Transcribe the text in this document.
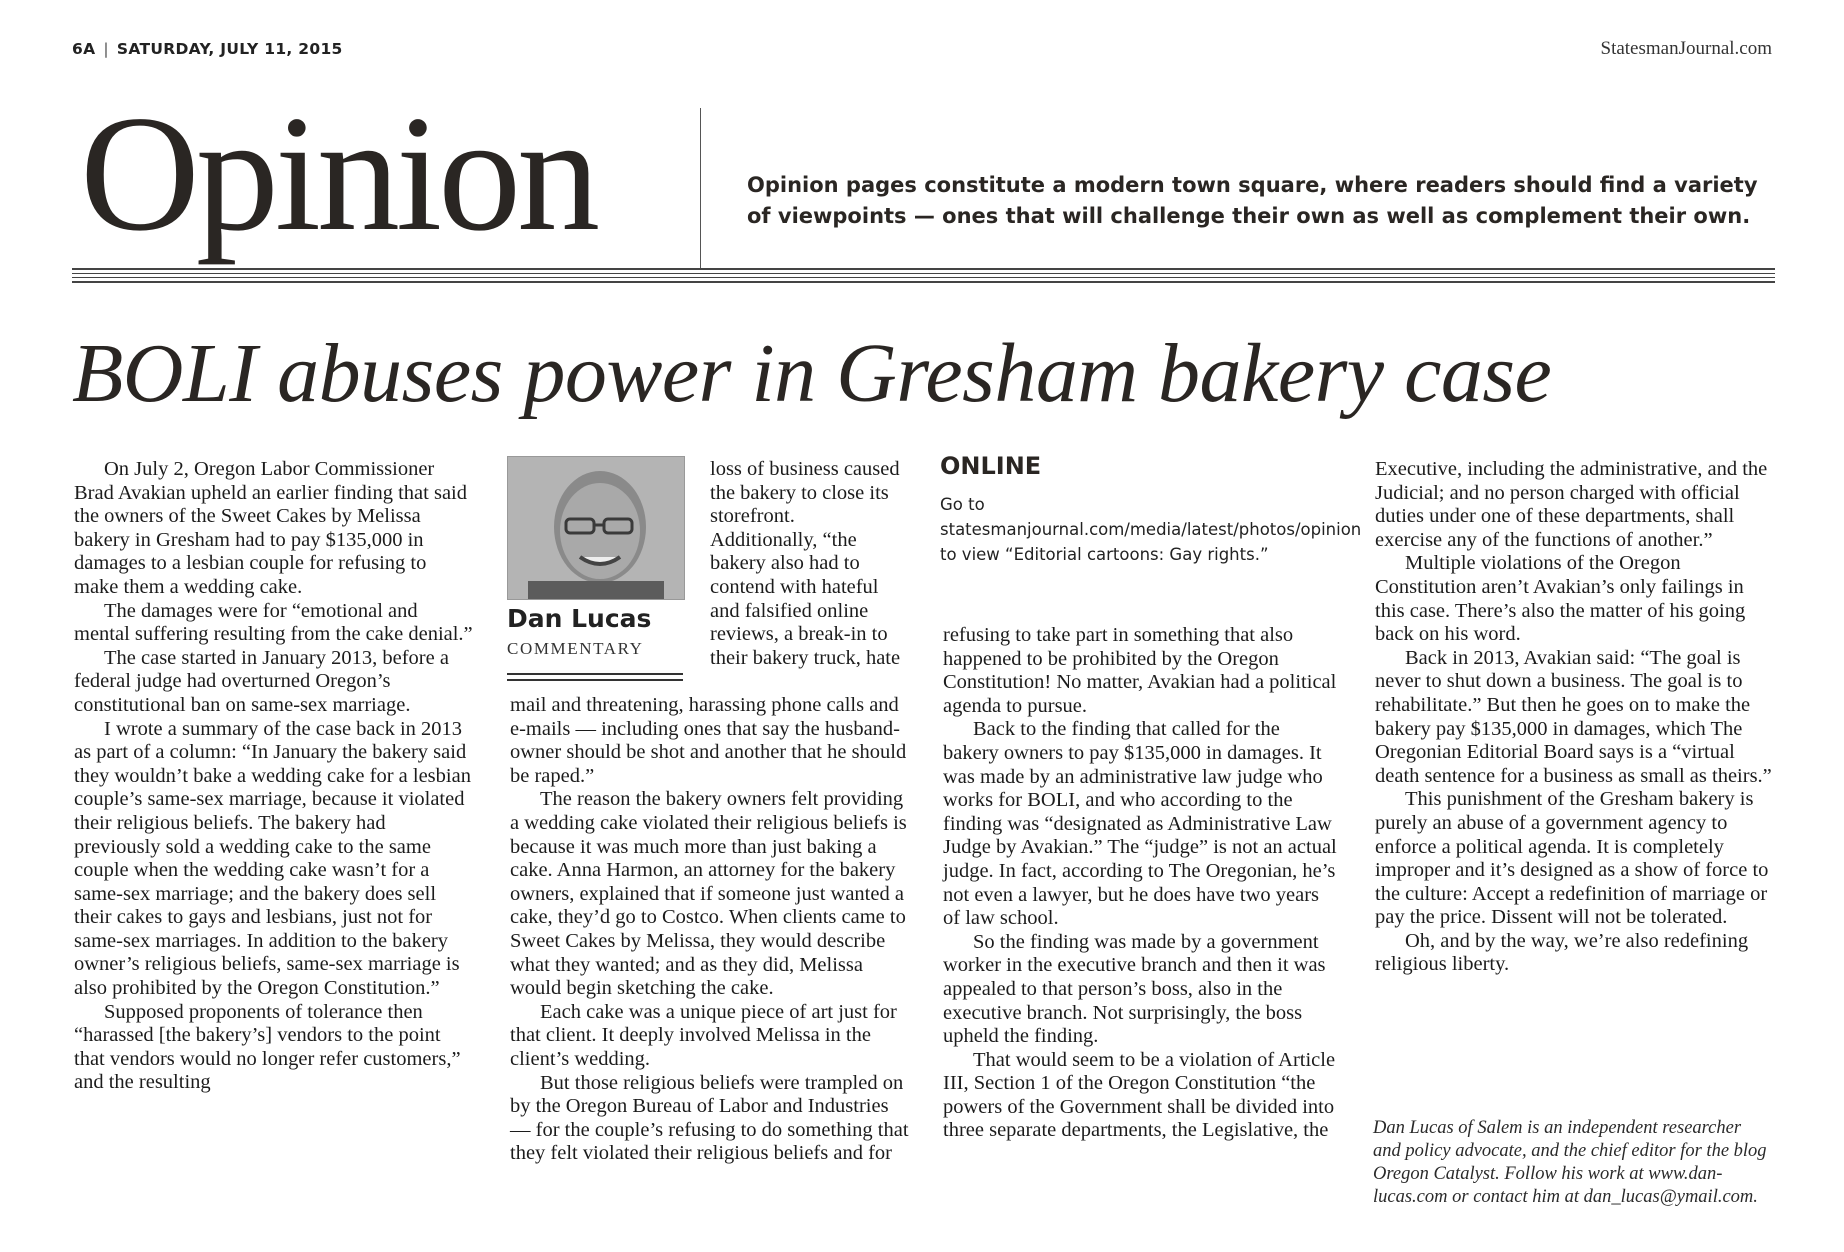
6A | SATURDAY, JULY 11, 2015	StatesmanJournal.com
Opinion	Opinion pages constitute a modern town square, where readers should find a variety of viewpoints — ones that will challenge their own as well as complement their own.
BOLI abuses power in Gresham bakery case

On July 2, Oregon Labor Commissioner Brad Avakian upheld an earlier finding that said the owners of the Sweet Cakes by Melissa bakery in Gresham had to pay $135,000 in damages to a lesbian couple for refusing to make them a wedding cake.

The damages were for “emotional and mental suffering resulting from the cake denial.”

The case started in January 2013, before a federal judge had overturned Oregon’s constitutional ban on same-sex marriage.

I wrote a summary of the case back in 2013 as part of a column: “In January the bakery said they wouldn’t bake a wedding cake for a lesbian couple’s same-sex marriage, because it violated their religious beliefs. The bakery had previously sold a wedding cake to the same couple when the wedding cake wasn’t for a same-sex marriage; and the bakery does sell their cakes to gays and lesbians, just not for same-sex marriages. In addition to the bakery owner’s religious beliefs, same-sex marriage is also prohibited by the Oregon Constitution.”

Supposed proponents of tolerance then “harassed [the bakery’s] vendors to the point that vendors would no longer refer customers,” and the resulting

Dan Lucas
COMMENTARY

loss of business caused the bakery to close its storefront. Additionally, “the bakery also had to contend with hateful and falsified online reviews, a break-in to their bakery truck, hate

mail and threatening, harassing phone calls and e-mails — including ones that say the husband-owner should be shot and another that he should be raped.”

The reason the bakery owners felt providing a wedding cake violated their religious beliefs is because it was much more than just baking a cake. Anna Harmon, an attorney for the bakery owners, explained that if someone just wanted a cake, they’d go to Costco. When clients came to Sweet Cakes by Melissa, they would describe what they wanted; and as they did, Melissa would begin sketching the cake.

Each cake was a unique piece of art just for that client. It deeply involved Melissa in the client’s wedding.

But those religious beliefs were trampled on by the Oregon Bureau of Labor and Industries — for the couple’s refusing to do something that they felt violated their religious beliefs and for

ONLINE
Go to statesmanjournal.com/media/latest/photos/opinion to view “Editorial cartoons: Gay rights.”

refusing to take part in something that also happened to be prohibited by the Oregon Constitution! No matter, Avakian had a political agenda to pursue.

Back to the finding that called for the bakery owners to pay $135,000 in damages. It was made by an administrative law judge who works for BOLI, and who according to the finding was “designated as Administrative Law Judge by Avakian.” The “judge” is not an actual judge. In fact, according to The Oregonian, he’s not even a lawyer, but he does have two years of law school.

So the finding was made by a government worker in the executive branch and then it was appealed to that person’s boss, also in the executive branch. Not surprisingly, the boss upheld the finding.

That would seem to be a violation of Article III, Section 1 of the Oregon Constitution “the powers of the Government shall be divided into three separate departments, the Legislative, the

Executive, including the administrative, and the Judicial; and no person charged with official duties under one of these departments, shall exercise any of the functions of another.”

Multiple violations of the Oregon Constitution aren’t Avakian’s only failings in this case. There’s also the matter of his going back on his word.

Back in 2013, Avakian said: “The goal is never to shut down a business. The goal is to rehabilitate.” But then he goes on to make the bakery pay $135,000 in damages, which The Oregonian Editorial Board says is a “virtual death sentence for a business as small as theirs.”

This punishment of the Gresham bakery is purely an abuse of a government agency to enforce a political agenda. It is completely improper and it’s designed as a show of force to the culture: Accept a redefinition of marriage or pay the price. Dissent will not be tolerated.

Oh, and by the way, we’re also redefining religious liberty.

Dan Lucas of Salem is an independent researcher and policy advocate, and the chief editor for the blog Oregon Catalyst. Follow his work at www.dan-lucas.com or contact him at dan_lucas@ymail.com.
